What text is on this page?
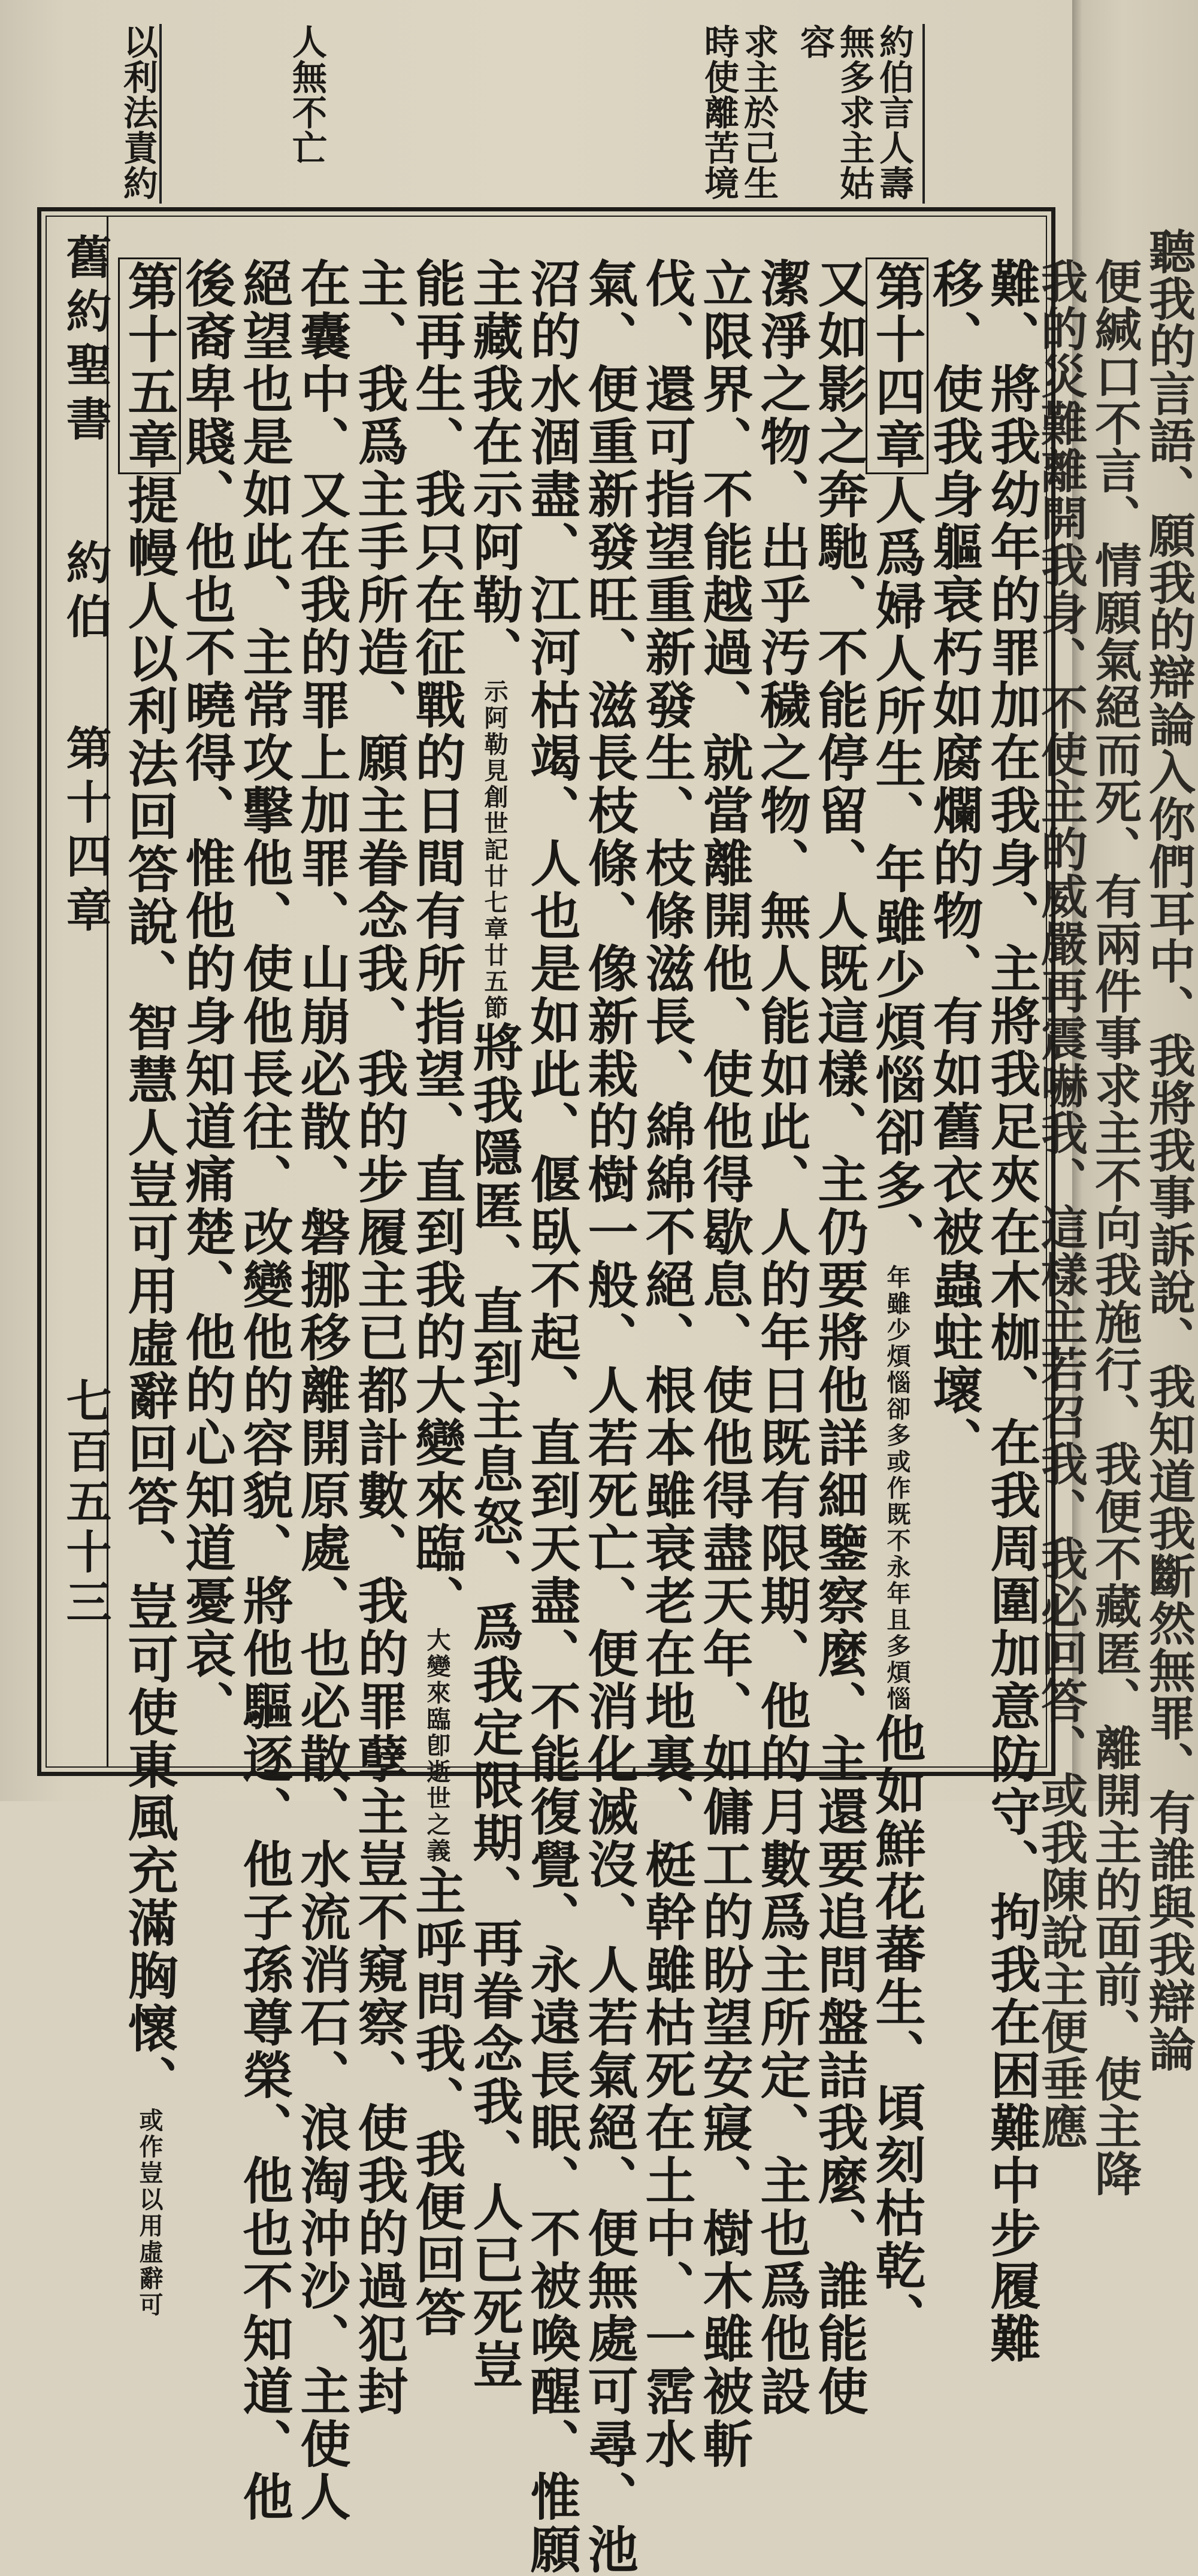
約伯言人壽
無多求主姑
容
求主於己生
時使離苦境
人無不亡
以利法責約

舊約聖書
約伯
第十四章
七百五十三	難、將我幼年的罪加在我身、主將我足夾在木枷、在我周圍加意防守、拘我在困難中步履難
移、使我身軀衰朽如腐爛的物、有如舊衣被蟲蛀壞、
第十四章人爲婦人所生、年雖少煩惱卻多、年雖少煩惱卻多或作既不永年且多煩惱他如鮮花蕃生、頃刻枯乾、
又如影之奔馳、不能停留、人既這樣、主仍要將他詳細鑒察麼、主還要追問盤詰我麼、誰能使
潔淨之物、出乎汚穢之物、無人能如此、人的年日既有限期、他的月數爲主所定、主也爲他設
立限界、不能越過、就當離開他、使他得歇息、使他得盡天年、如傭工的盼望安寢、樹木雖被斬
伐、還可指望重新發生、枝條滋長、綿綿不絕、根本雖衰老在地裏、梃幹雖枯死在土中、一霑水
氣、便重新發旺、滋長枝條、像新栽的樹一般、人若死亡、便消化滅沒、人若氣絕、便無處可尋、池
沼的水涸盡、江河枯竭、人也是如此、偃臥不起、直到天盡、不能復覺、永遠長眠、不被喚醒、惟願
主藏我在示阿勒、示阿勒見創世記廿七章廿五節將我隱匿、直到主息怒、爲我定限期、再眷念我、人已死豈
能再生、我只在征戰的日間有所指望、直到我的大變來臨、大變來臨卽逝世之義主呼問我、我便回答
主、我爲主手所造、願主眷念我、我的步履主已都計數、我的罪孽主豈不窺察、使我的過犯封
在囊中、又在我的罪上加罪、山崩必散、磐挪移離開原處、也必散、水流消石、浪淘沖沙、主使人
絕望也是如此、主常攻擊他、使他長往、改變他的容貌、將他驅逐、他子孫尊榮、他也不知道、他
後裔卑賤、他也不曉得、惟他的身知道痛楚、他的心知道憂哀、
第十五章提幔人以利法回答說、智慧人豈可用虛辭回答、豈可使東風充滿胸懷、或作豈以用虛辭可
聽我的言語、願我的辯論入你們耳中、我將我事訴說、我知道我斷然無罪、有誰與我辯論
便緘口不言、情願氣絕而死、有兩件事求主不向我施行、我便不藏匿、離開主的面前、使主降
我的災難離開我身、不使主的威嚴再震嚇我、這樣主若召我、我必回答、或我陳說主便垂應
